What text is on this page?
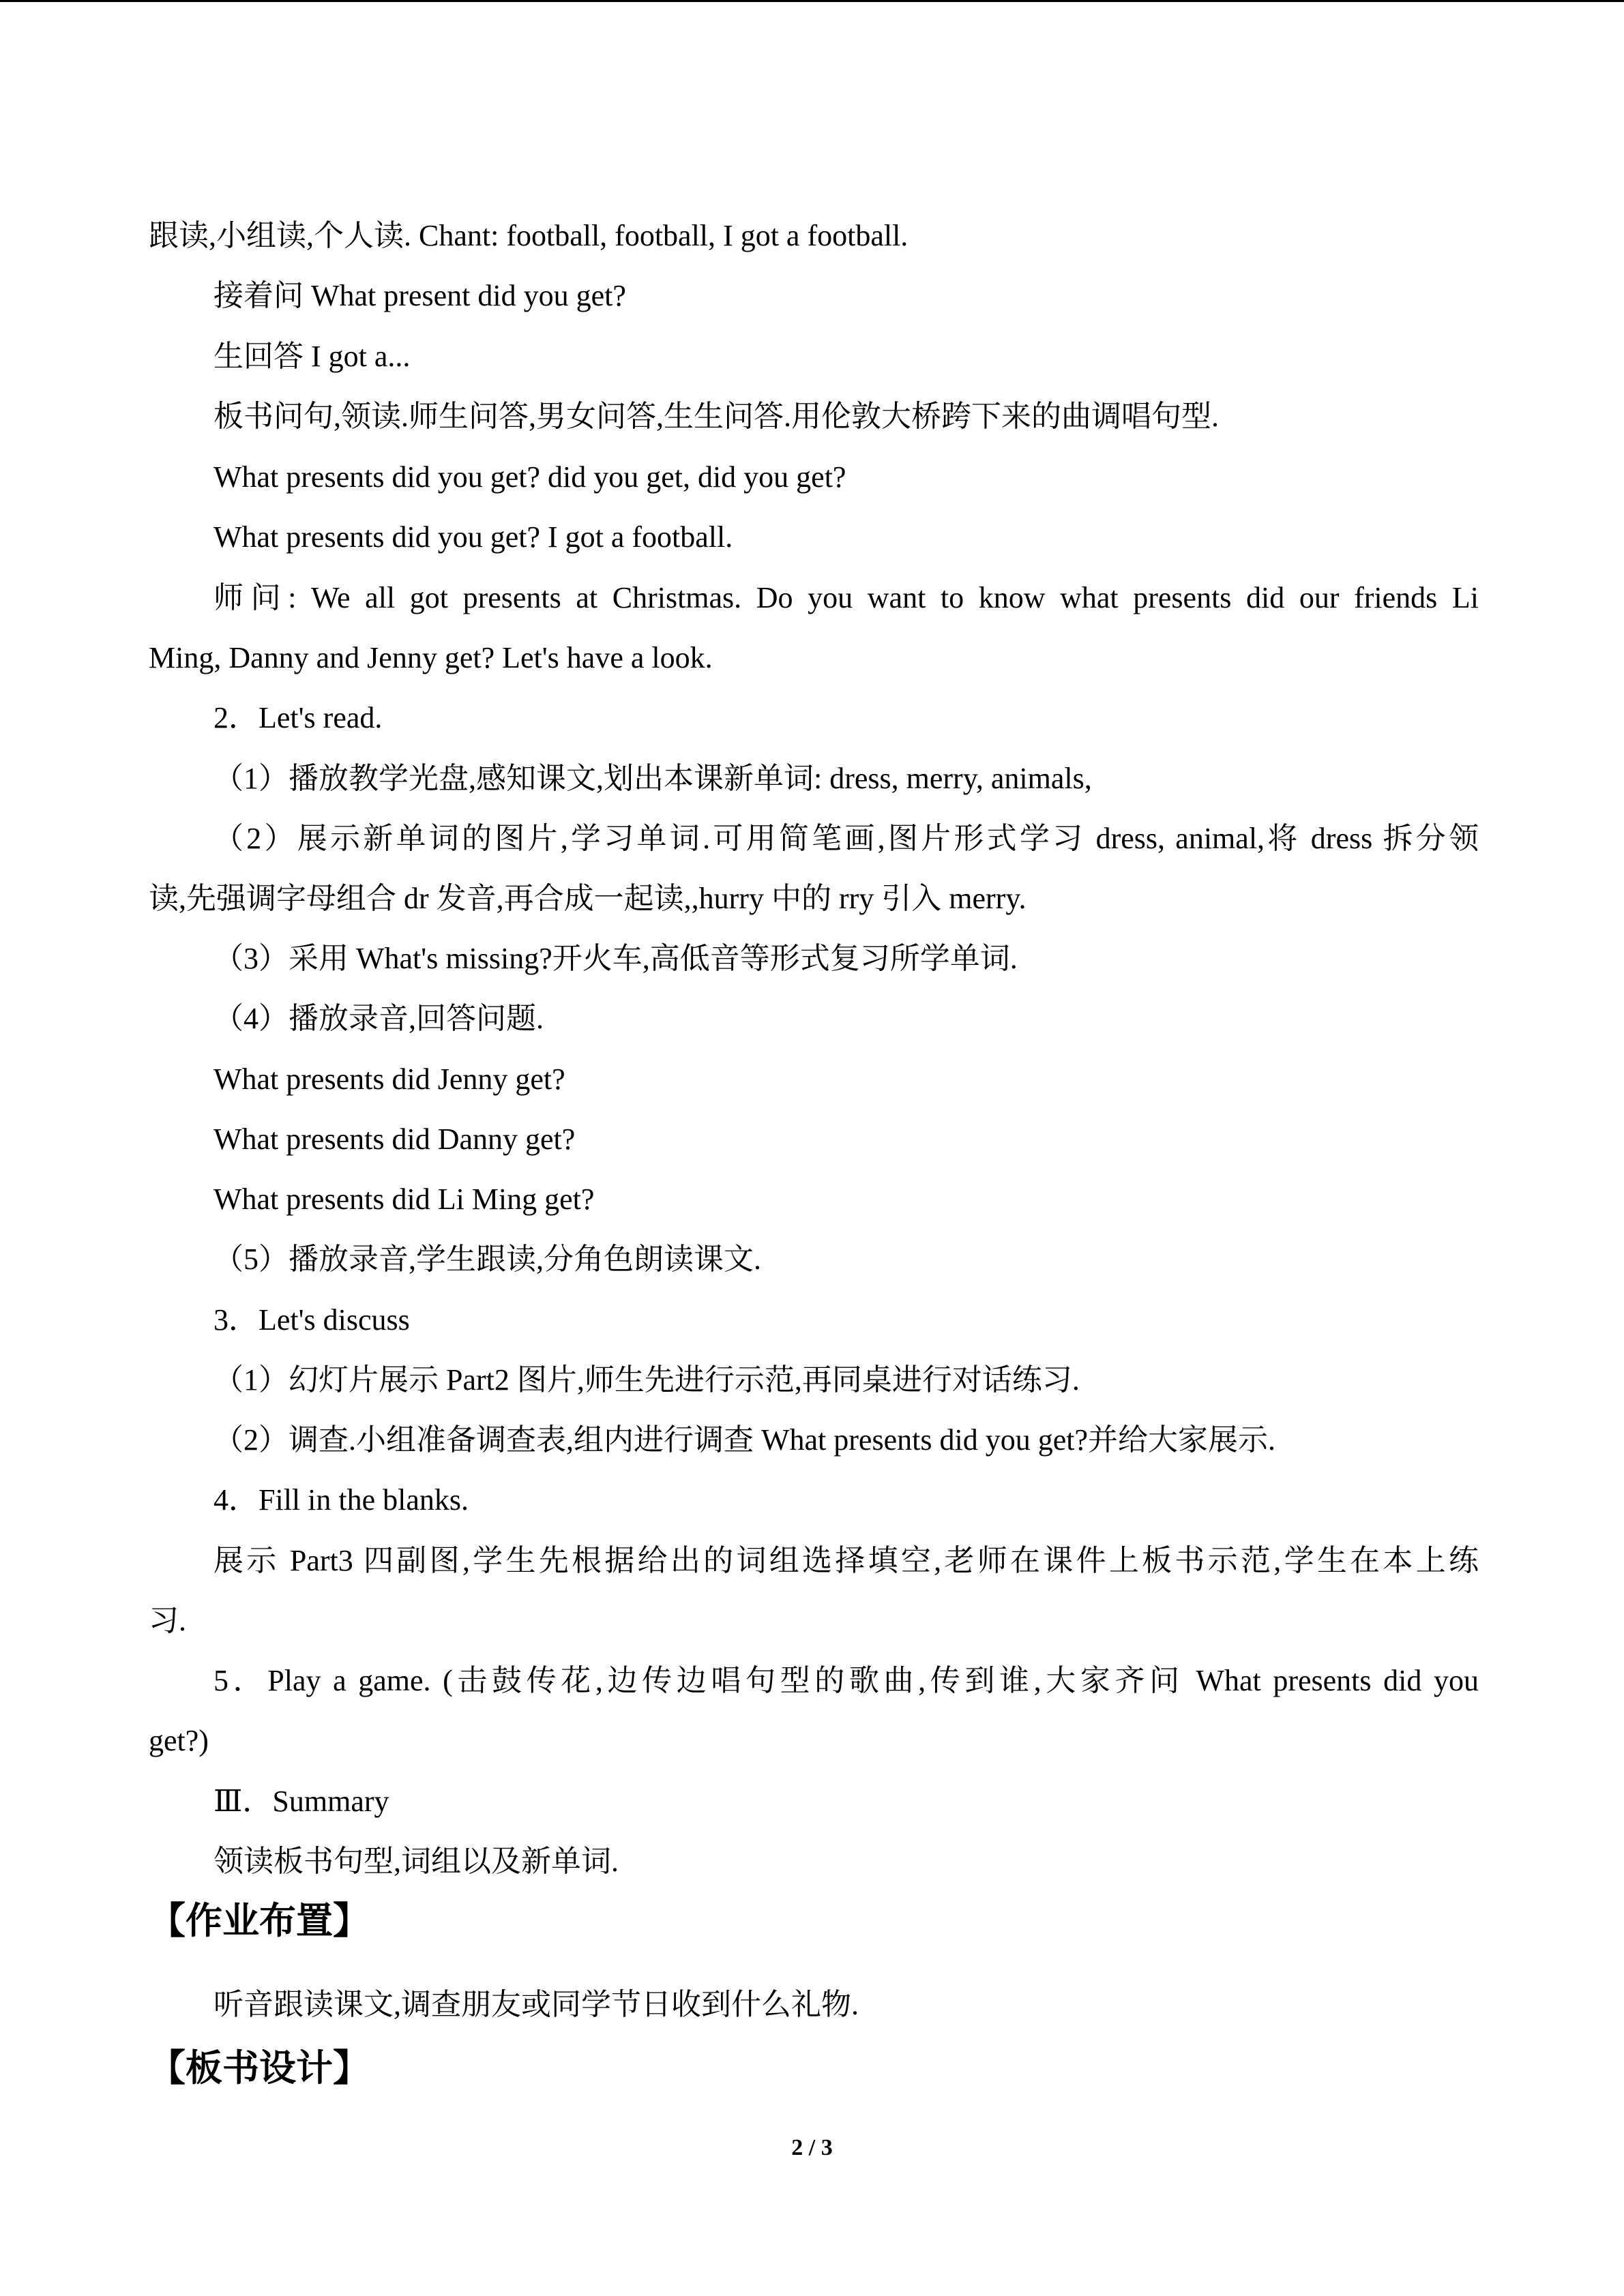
跟读,小组读,个人读. Chant: football, football, I got a football.
接着问 What present did you get?
生回答 I got a...
板书问句,领读.师生问答,男女问答,生生问答.用伦敦大桥跨下来的曲调唱句型.
What presents did you get? did you get, did you get?
What presents did you get? I got a football.
师问: We all got presents at Christmas. Do you want to know what presents did our friends Li
Ming, Danny and Jenny get? Let's have a look.
2．Let's read.
（1）播放教学光盘,感知课文,划出本课新单词: dress, merry, animals,
（2）展示新单词的图片,学习单词.可用简笔画,图片形式学习 dress, animal,将 dress 拆分领
读,先强调字母组合 dr 发音,再合成一起读,,hurry 中的 rry 引入 merry.
（3）采用 What's missing?开火车,高低音等形式复习所学单词.
（4）播放录音,回答问题.
What presents did Jenny get?
What presents did Danny get?
What presents did Li Ming get?
（5）播放录音,学生跟读,分角色朗读课文.
3．Let's discuss
（1）幻灯片展示 Part2 图片,师生先进行示范,再同桌进行对话练习.
（2）调查.小组准备调查表,组内进行调查 What presents did you get?并给大家展示.
4．Fill in the blanks.
展示 Part3 四副图,学生先根据给出的词组选择填空,老师在课件上板书示范,学生在本上练
习.
5．Play a game. (击鼓传花,边传边唱句型的歌曲,传到谁,大家齐问 What presents did you
get?)
Ⅲ．Summary
领读板书句型,词组以及新单词.
【作业布置】
听音跟读课文,调查朋友或同学节日收到什么礼物.
【板书设计】
2 / 3
